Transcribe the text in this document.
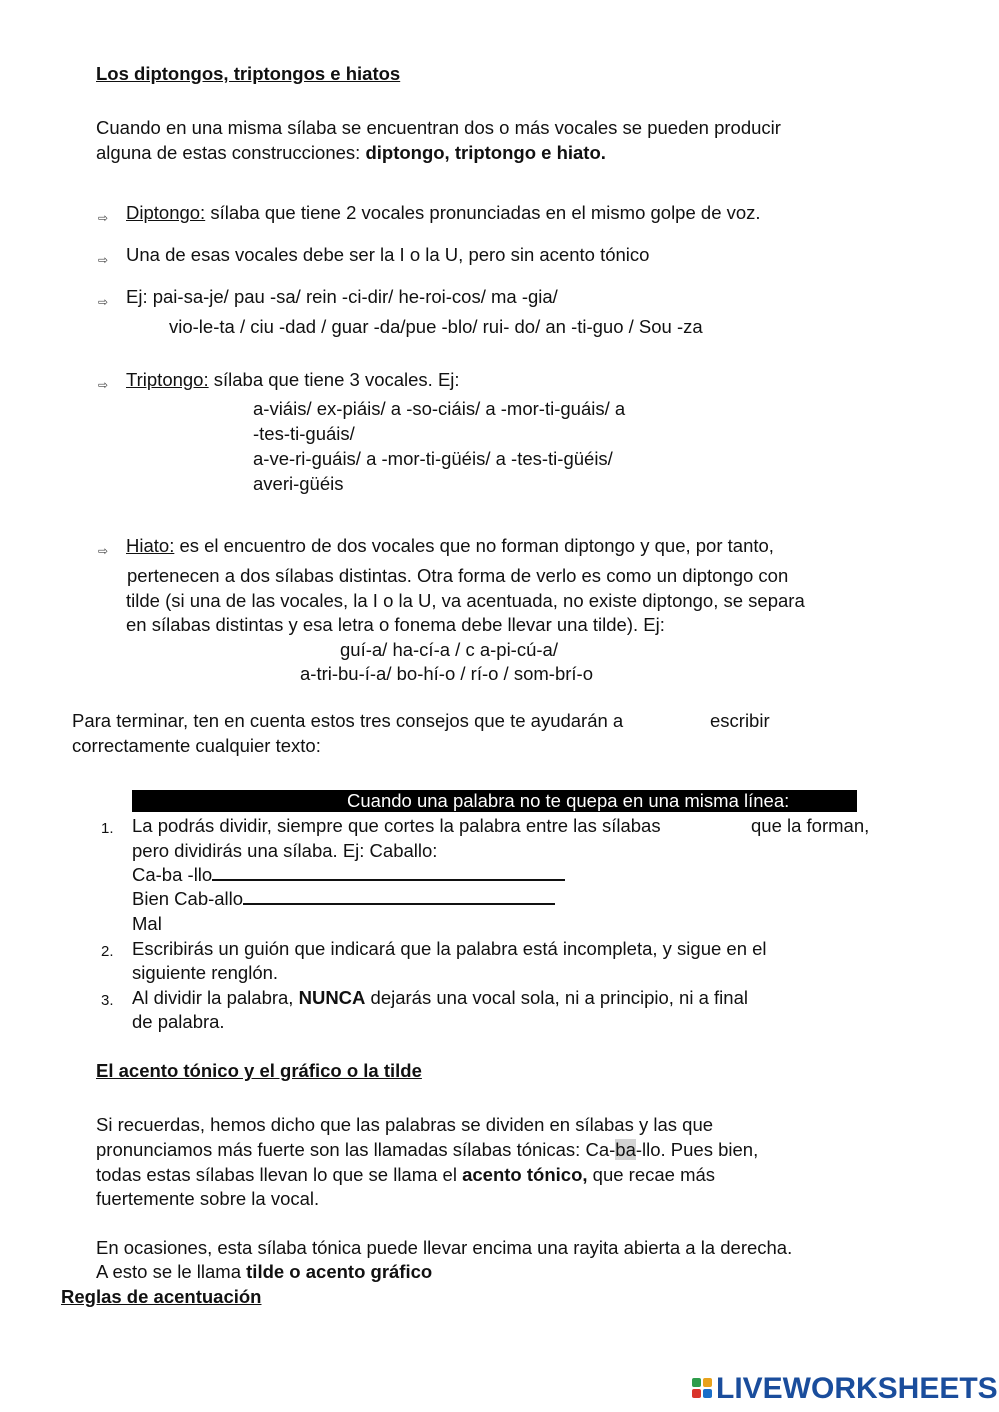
Los diptongos, triptongos e hiatos
Cuando en una misma sílaba se encuentran dos o más vocales se pueden producir
alguna de estas construcciones: diptongo, triptongo e hiato.
⇨ Diptongo: sílaba que tiene 2 vocales pronunciadas en el mismo golpe de voz.
⇨ Una de esas vocales debe ser la I o la U, pero sin acento tónico
⇨ Ej: pai-sa-je/ pau -sa/ rein -ci-dir/ he-roi-cos/ ma -gia/
vio-le-ta / ciu -dad / guar -da/pue -blo/ rui- do/ an -ti-guo / Sou -za
⇨ Triptongo: sílaba que tiene 3 vocales. Ej:
a-viáis/ ex-piáis/ a -so-ciáis/ a -mor-ti-guáis/ a
-tes-ti-guáis/
a-ve-ri-guáis/ a -mor-ti-güéis/ a -tes-ti-güéis/
averi-güéis
⇨ Hiato: es el encuentro de dos vocales que no forman diptongo y que, por tanto,
pertenecen a dos sílabas distintas. Otra forma de verlo es como un diptongo con
tilde (si una de las vocales, la I o la U, va acentuada, no existe diptongo, se separa
en sílabas distintas y esa letra o fonema debe llevar una tilde). Ej:
guí-a/ ha-cí-a / c a-pi-cú-a/
a-tri-bu-í-a/ bo-hí-o / rí-o / som-brí-o
Para terminar, ten en cuenta estos tres consejos que te ayudarán a	escribir
correctamente cualquier texto:
Cuando una palabra no te quepa en una misma línea:
1. La podrás dividir, siempre que cortes la palabra entre las sílabas	que la forman,
pero dividirás una sílaba. Ej: Caballo:
Ca-ba -llo
Bien Cab-allo
Mal
2. Escribirás un guión que indicará que la palabra está incompleta, y sigue en el
siguiente renglón.
3. Al dividir la palabra, NUNCA dejarás una vocal sola, ni a principio, ni a final
de palabra.
El acento tónico y el gráfico o la tilde
Si recuerdas, hemos dicho que las palabras se dividen en sílabas y las que
pronunciamos más fuerte son las llamadas sílabas tónicas: Ca-ba-llo. Pues bien,
todas estas sílabas llevan lo que se llama el acento tónico, que recae más
fuertemente sobre la vocal.
En ocasiones, esta sílaba tónica puede llevar encima una rayita abierta a la derecha.
A esto se le llama tilde o acento gráfico
Reglas de acentuación
LIVEWORKSHEETS
